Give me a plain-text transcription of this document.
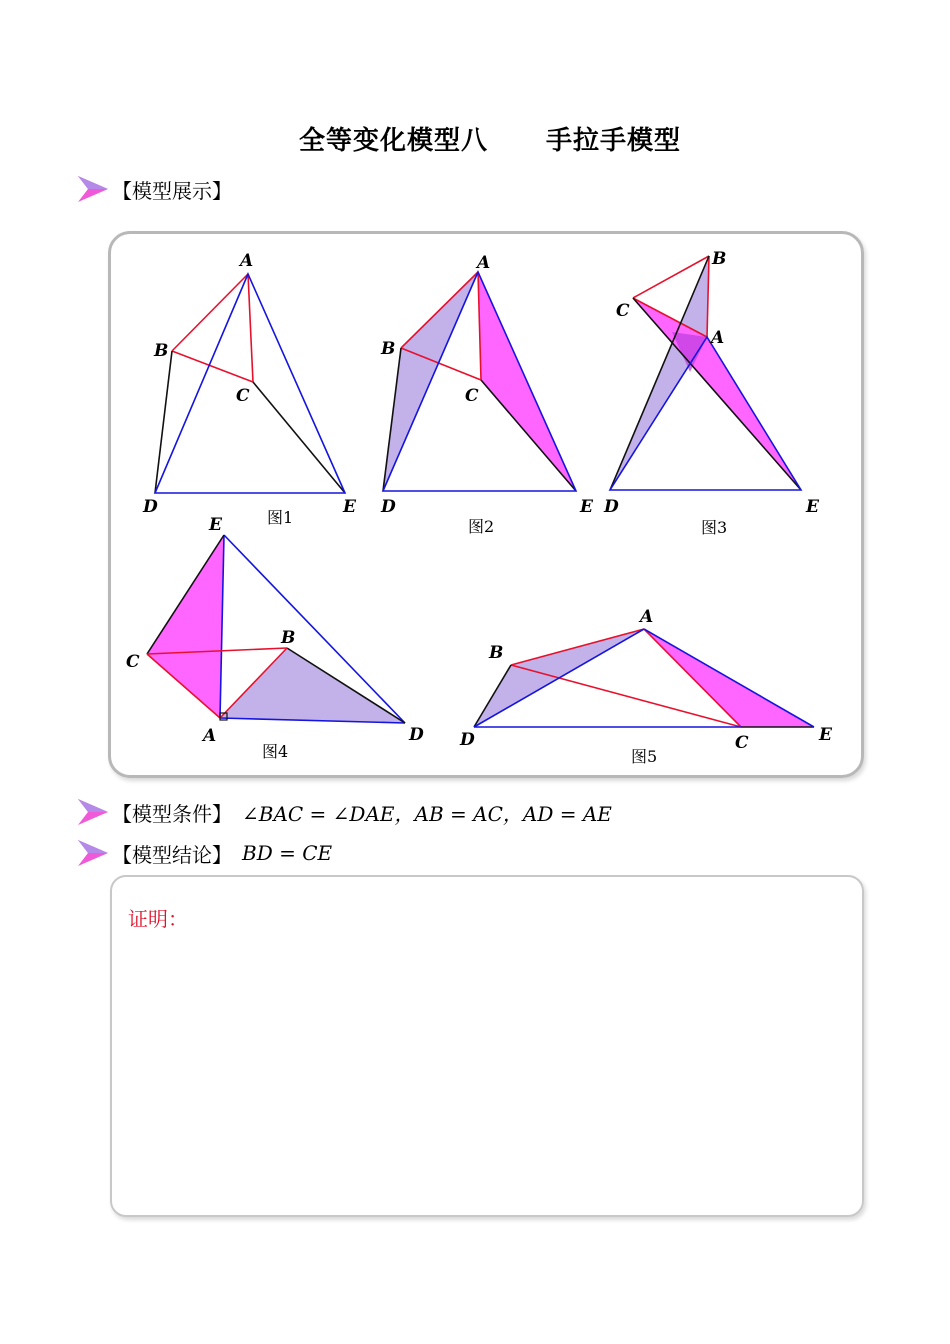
全等变化模型八 手拉手模型
【模型展示】
A
B
C
D	E
图1
A
B
C
D	E
图2
B
C
A
D	E
图3
E
C
B
A	D
图4
A
B
D	C	E
图5
【模型条件】 ∠BAC = ∠DAE，AB = AC，AD = AE
【模型结论】 BD = CE
证明：
